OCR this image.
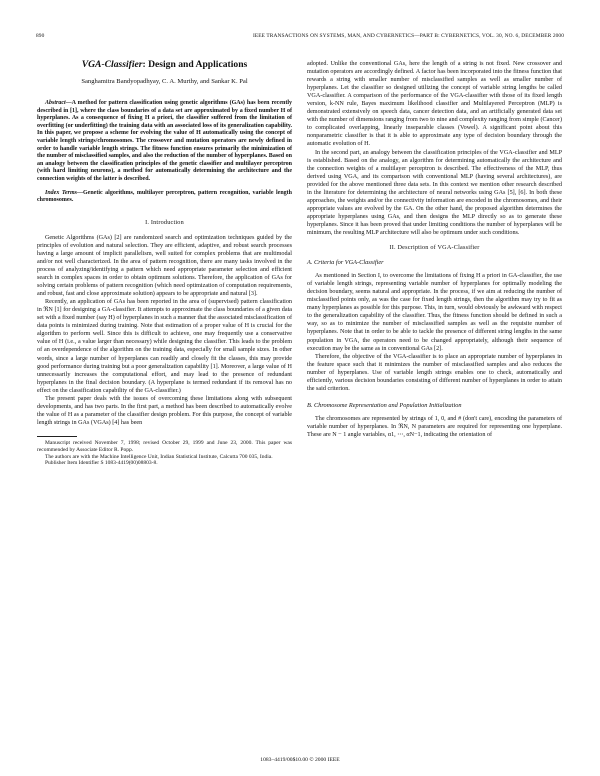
890	IEEE TRANSACTIONS ON SYSTEMS, MAN, AND CYBERNETICS—PART B: CYBERNETICS, VOL. 30, NO. 6, DECEMBER 2000
VGA-Classifier: Design and Applications
Sanghamitra Bandyopadhyay, C. A. Murthy, and Sankar K. Pal
Abstract—A method for pattern classification using genetic algorithms (GAs) has been recently described in [1], where the class boundaries of a data set are approximated by a fixed number H of hyperplanes. As a consequence of fixing H a priori, the classifier suffered from the limitation of overfitting (or underfitting) the training data with an associated loss of its generalization capability. In this paper, we propose a scheme for evolving the value of H automatically using the concept of variable length strings/chromosomes. The crossover and mutation operators are newly defined in order to handle variable length strings. The fitness function ensures primarily the minimization of the number of misclassified samples, and also the reduction of the number of hyperplanes. Based on an analogy between the classification principles of the genetic classifier and multilayer perceptron (with hard limiting neurons), a method for automatically determining the architecture and the connection weights of the latter is described.
Index Terms—Genetic algorithms, multilayer perceptron, pattern recognition, variable length chromosomes.
I. Introduction

Genetic Algorithms (GAs) [2] are randomized search and optimization techniques guided by the principles of evolution and natural selection. They are efficient, adaptive, and robust search processes having a large amount of implicit parallelism, well suited for complex problems that are multimodal and/or not well characterized. In the area of pattern recognition, there are many tasks involved in the process of analyzing/identifying a pattern which need appropriate parameter selection and efficient search in complex spaces in order to obtain optimum solutions. Therefore, the application of GAs for solving certain problems of pattern recognition (which need optimization of computation requirements, and robust, fast and close approximate solution) appears to be appropriate and natural [3].

Recently, an application of GAs has been reported in the area of (supervised) pattern classification in ℜN [1] for designing a GA-classifier. It attempts to approximate the class boundaries of a given data set with a fixed number (say H) of hyperplanes in such a manner that the associated misclassification of data points is minimized during training. Note that estimation of a proper value of H is crucial for the algorithm to perform well. Since this is difficult to achieve, one may frequently use a conservative value of H (i.e., a value larger than necessary) while designing the classifier. This leads to the problem of an overdependence of the algorithm on the training data, especially for small sample sizes. In other words, since a large number of hyperplanes can readily and closely fit the classes, this may provide good performance during training but a poor generalization capability [1]. Moreover, a large value of H unnecessarily increases the computational effort, and may lead to the presence of redundant hyperplanes in the final decision boundary. (A hyperplane is termed redundant if its removal has no effect on the classification capability of the GA-classifier.)

The present paper deals with the issues of overcoming these limitations along with subsequent developments, and has two parts. In the first part, a method has been described to automatically evolve the value of H as a parameter of the classifier design problem. For this purpose, the concept of variable length strings in GAs (VGAs) [4] has been

Manuscript received November 7, 1998; revised October 29, 1999 and June 23, 2000. This paper was recommended by Associate Editor R. Popp.

The authors are with the Machine Intelligence Unit, Indian Statistical Institute, Calcutta 700 035, India.

Publisher Item Identifier S 1083-4419(00)08803-8.

adopted. Unlike the conventional GAs, here the length of a string is not fixed. New crossover and mutation operators are accordingly defined. A factor has been incorporated into the fitness function that rewards a string with smaller number of misclassified samples as well as smaller number of hyperplanes. Let the classifier so designed utilizing the concept of variable string lengths be called VGA-classifier. A comparison of the performance of the VGA-classifier with those of its fixed length version, k-NN rule, Bayes maximum likelihood classifier and Multilayered Perceptron (MLP) is demonstrated extensively on speech data, cancer detection data, and an artificially generated data set with the number of dimensions ranging from two to nine and complexity ranging from simple (Cancer) to complicated overlapping, linearly inseparable classes (Vowel). A significant point about this nonparametric classifier is that it is able to approximate any type of decision boundary through the automatic evolution of H.

In the second part, an analogy between the classification principles of the VGA-classifier and MLP is established. Based on the analogy, an algorithm for determining automatically the architecture and the connection weights of a multilayer perceptron is described. The effectiveness of the MLP, thus derived using VGA, and its comparison with conventional MLP (having several architectures), are provided for the above mentioned three data sets. In this context we mention other research described in the literature for determining the architecture of neural networks using GAs [5], [6]. In both these approaches, the weights and/or the connectivity information are encoded in the chromosomes, and their appropriate values are evolved by the GA. On the other hand, the proposed algorithm determines the appropriate hyperplanes using GAs, and then designs the MLP directly so as to generate these hyperplanes. Since it has been proved that under limiting conditions the number of hyperplanes will be minimum, the resulting MLP architecture will also be optimum under such conditions.

II. Description of VGA-Classifier
A. Criteria for VGA-Classifier

As mentioned in Section I, to overcome the limitations of fixing H a priori in GA-classifier, the use of variable length strings, representing variable number of hyperplanes for optimally modeling the decision boundary, seems natural and appropriate. In the process, if we aim at reducing the number of misclassified points only, as was the case for fixed length strings, then the algorithm may try to fit as many hyperplanes as possible for this purpose. This, in turn, would obviously be awkward with respect to the generalization capability of the classifier. Thus, the fitness function should be defined in such a way, so as to minimize the number of misclassified samples as well as the requisite number of hyperplanes. Note that in order to be able to tackle the presence of different string lengths in the same population in VGA, the operators need to be changed appropriately, although their sequence of execution may be the same as in conventional GAs [2].

Therefore, the objective of the VGA-classifier is to place an appropriate number of hyperplanes in the feature space such that it minimizes the number of misclassified samples and also reduces the number of hyperplanes. Use of variable length strings enables one to check, automatically and efficiently, various decision boundaries consisting of different number of hyperplanes in order to attain the said criterion.

B. Chromosome Representation and Population Initialization

The chromosomes are represented by strings of 1, 0, and # (don't care), encoding the parameters of variable number of hyperplanes. In ℜN, N parameters are required for representing one hyperplane. These are N − 1 angle variables, α1, ⋯, αN−1, indicating the orientation of

1083–4419/00$10.00 © 2000 IEEE
